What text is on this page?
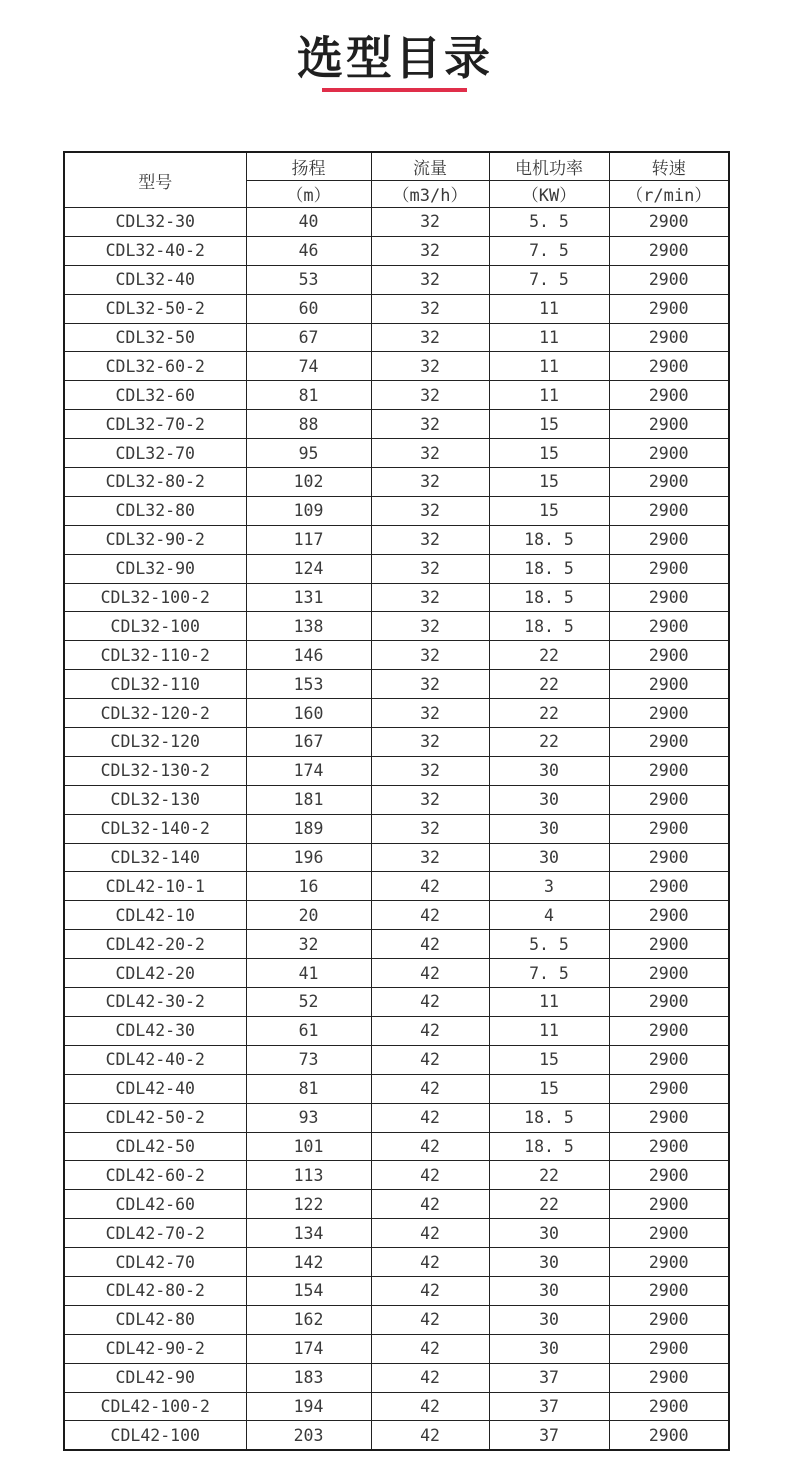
选型目录
型号	扬程	流量	电机功率	转速
	（m）	（m3/h）	（KW）	（r/min）
CDL32-30	40	32	5. 5	2900
CDL32-40-2	46	32	7. 5	2900
CDL32-40	53	32	7. 5	2900
CDL32-50-2	60	32	11	2900
CDL32-50	67	32	11	2900
CDL32-60-2	74	32	11	2900
CDL32-60	81	32	11	2900
CDL32-70-2	88	32	15	2900
CDL32-70	95	32	15	2900
CDL32-80-2	102	32	15	2900
CDL32-80	109	32	15	2900
CDL32-90-2	117	32	18. 5	2900
CDL32-90	124	32	18. 5	2900
CDL32-100-2	131	32	18. 5	2900
CDL32-100	138	32	18. 5	2900
CDL32-110-2	146	32	22	2900
CDL32-110	153	32	22	2900
CDL32-120-2	160	32	22	2900
CDL32-120	167	32	22	2900
CDL32-130-2	174	32	30	2900
CDL32-130	181	32	30	2900
CDL32-140-2	189	32	30	2900
CDL32-140	196	32	30	2900
CDL42-10-1	16	42	3	2900
CDL42-10	20	42	4	2900
CDL42-20-2	32	42	5. 5	2900
CDL42-20	41	42	7. 5	2900
CDL42-30-2	52	42	11	2900
CDL42-30	61	42	11	2900
CDL42-40-2	73	42	15	2900
CDL42-40	81	42	15	2900
CDL42-50-2	93	42	18. 5	2900
CDL42-50	101	42	18. 5	2900
CDL42-60-2	113	42	22	2900
CDL42-60	122	42	22	2900
CDL42-70-2	134	42	30	2900
CDL42-70	142	42	30	2900
CDL42-80-2	154	42	30	2900
CDL42-80	162	42	30	2900
CDL42-90-2	174	42	30	2900
CDL42-90	183	42	37	2900
CDL42-100-2	194	42	37	2900
CDL42-100	203	42	37	2900
